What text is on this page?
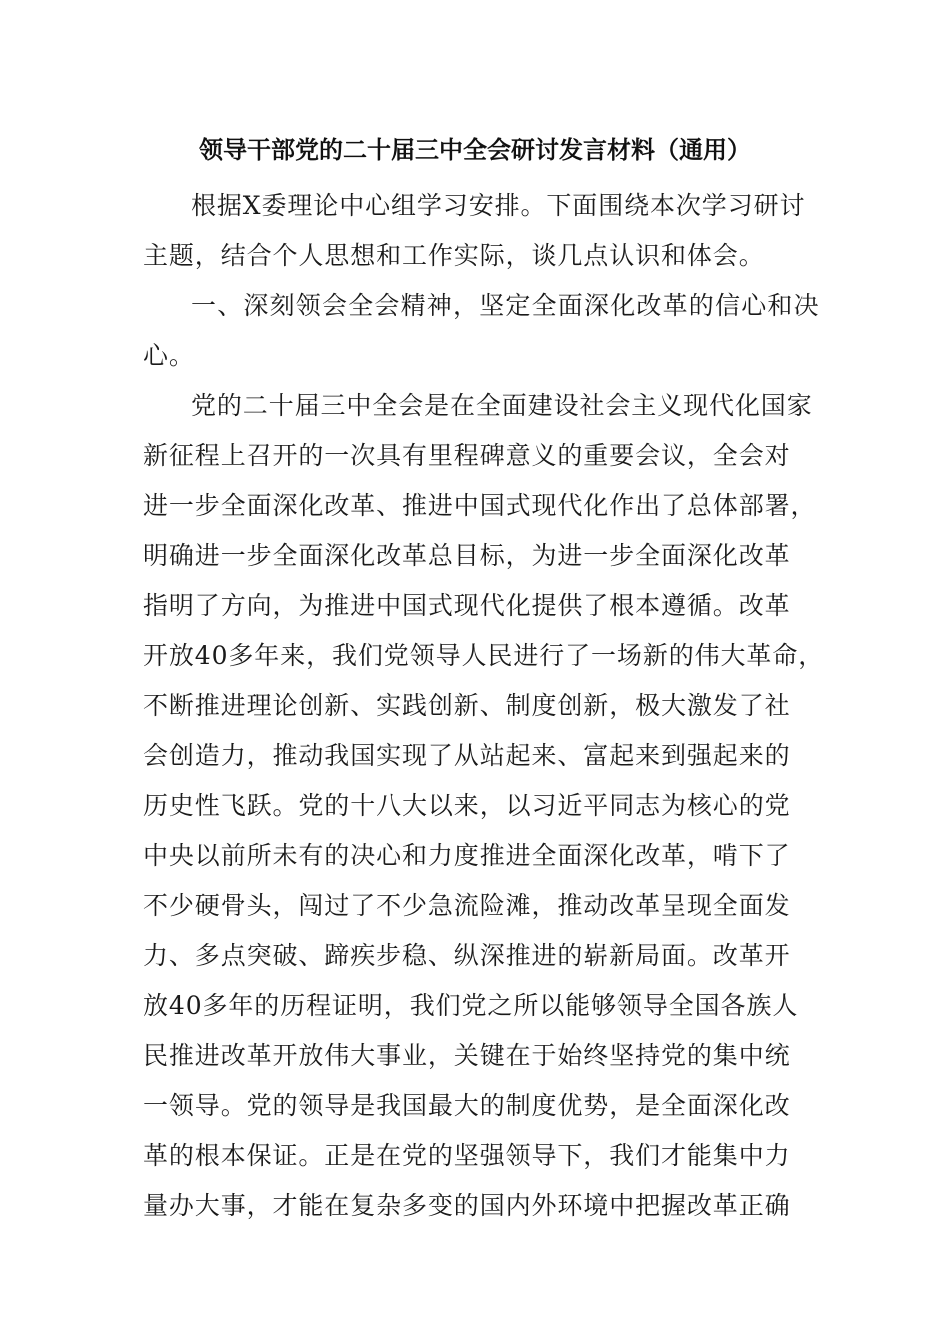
领导干部党的二十届三中全会研讨发言材料（通用）
根据X委理论中心组学习安排。下面围绕本次学习研讨
主题，结合个人思想和工作实际，谈几点认识和体会。
一、深刻领会全会精神，坚定全面深化改革的信心和决
心。
党的二十届三中全会是在全面建设社会主义现代化国家
新征程上召开的一次具有里程碑意义的重要会议，全会对
进一步全面深化改革、推进中国式现代化作出了总体部署，
明确进一步全面深化改革总目标，为进一步全面深化改革
指明了方向，为推进中国式现代化提供了根本遵循。改革
开放40多年来，我们党领导人民进行了一场新的伟大革命，
不断推进理论创新、实践创新、制度创新，极大激发了社
会创造力，推动我国实现了从站起来、富起来到强起来的
历史性飞跃。党的十八大以来，以习近平同志为核心的党
中央以前所未有的决心和力度推进全面深化改革，啃下了
不少硬骨头，闯过了不少急流险滩，推动改革呈现全面发
力、多点突破、蹄疾步稳、纵深推进的崭新局面。改革开
放40多年的历程证明，我们党之所以能够领导全国各族人
民推进改革开放伟大事业，关键在于始终坚持党的集中统
一领导。党的领导是我国最大的制度优势，是全面深化改
革的根本保证。正是在党的坚强领导下，我们才能集中力
量办大事，才能在复杂多变的国内外环境中把握改革正确
